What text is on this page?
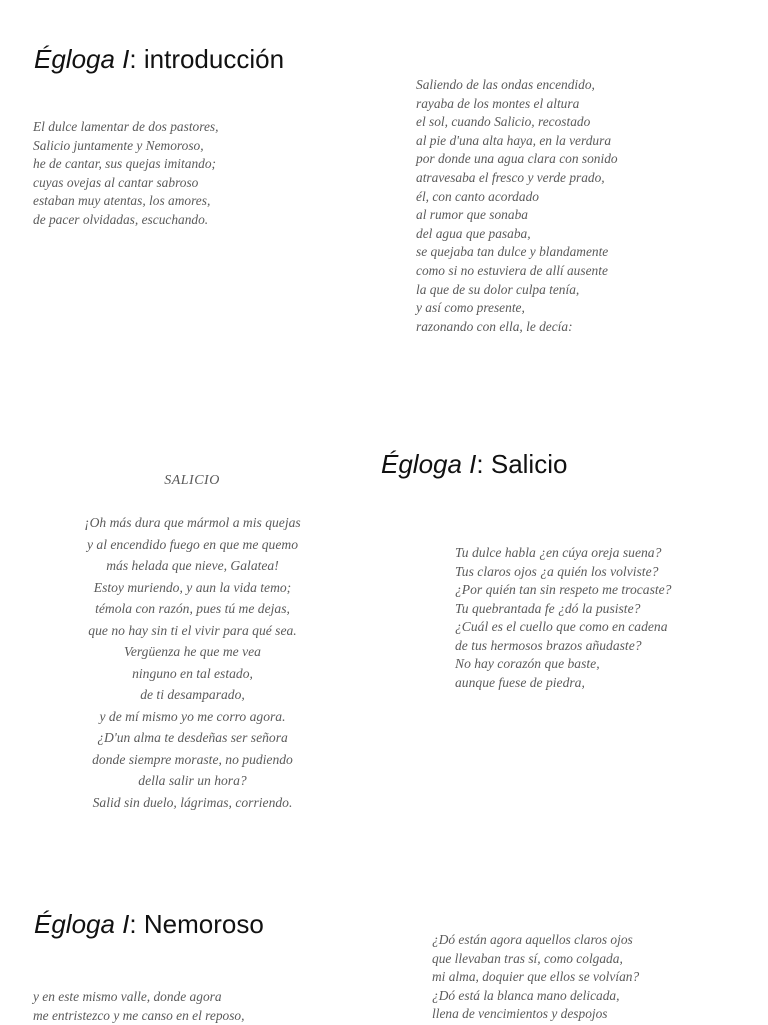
Égloga I: introducción
El dulce lamentar de dos pastores,
Salicio juntamente y Nemoroso,
he de cantar, sus quejas imitando;
cuyas ovejas al cantar sabroso
estaban muy atentas, los amores,
de pacer olvidadas, escuchando.
Saliendo de las ondas encendido,
rayaba de los montes el altura
el sol, cuando Salicio, recostado
al pie d'una alta haya, en la verdura
por donde una agua clara con sonido
atravesaba el fresco y verde prado,
él, con canto acordado
al rumor que sonaba
del agua que pasaba,
se quejaba tan dulce y blandamente
como si no estuviera de allí ausente
la que de su dolor culpa tenía,
y así como presente,
razonando con ella, le decía:
SALICIO
¡Oh más dura que mármol a mis quejas
y al encendido fuego en que me quemo
más helada que nieve, Galatea!
Estoy muriendo, y aun la vida temo;
témola con razón, pues tú me dejas,
que no hay sin ti el vivir para qué sea.
Vergüenza he que me vea
ninguno en tal estado,
de ti desamparado,
y de mí mismo yo me corro agora.
¿D'un alma te desdeñas ser señora
donde siempre moraste, no pudiendo
della salir un hora?
Salid sin duelo, lágrimas, corriendo.
Égloga I: Salicio
Tu dulce habla ¿en cúya oreja suena?
Tus claros ojos ¿a quién los volviste?
¿Por quién tan sin respeto me trocaste?
Tu quebrantada fe ¿dó la pusiste?
¿Cuál es el cuello que como en cadena
de tus hermosos brazos añudaste?
No hay corazón que baste,
aunque fuese de piedra,
Égloga I: Nemoroso
y en este mismo valle, donde agora
me entristezco y me canso en el reposo,
¿Dó están agora aquellos claros ojos
que llevaban tras sí, como colgada,
mi alma, doquier que ellos se volvían?
¿Dó está la blanca mano delicada,
llena de vencimientos y despojos
